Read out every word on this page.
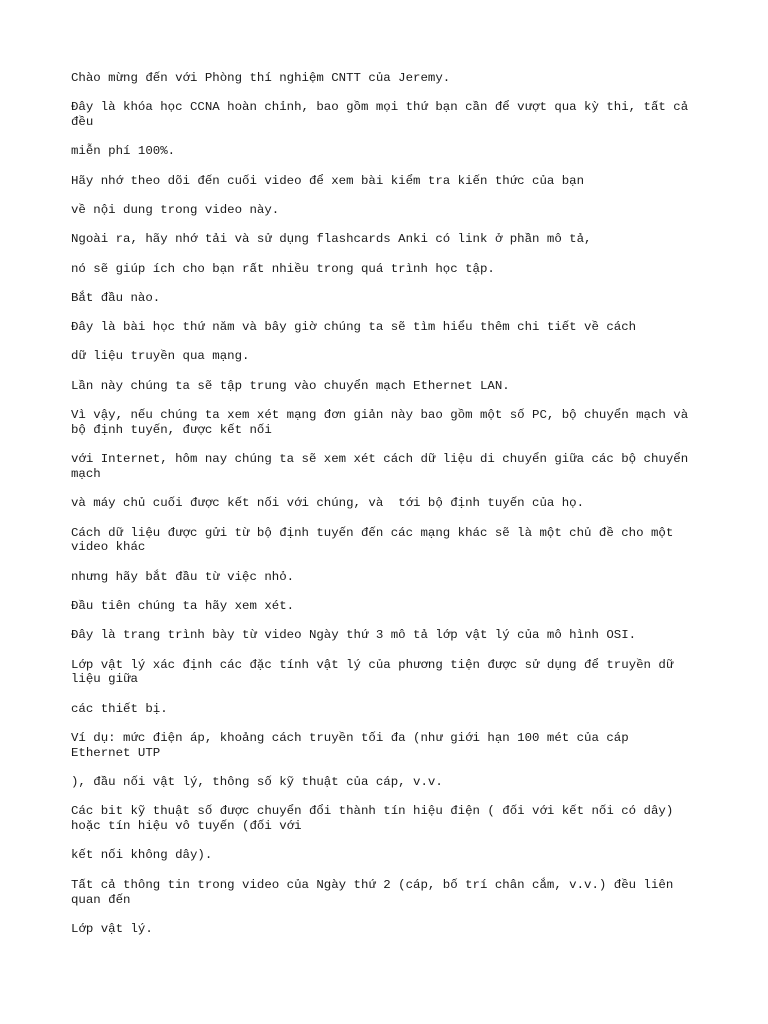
Chào mừng đến với Phòng thí nghiệm CNTT của Jeremy.

Đây là khóa học CCNA hoàn chỉnh, bao gồm mọi thứ bạn cần để vượt qua kỳ thi, tất cả
đều

miễn phí 100%.

Hãy nhớ theo dõi đến cuối video để xem bài kiểm tra kiến thức của bạn

về nội dung trong video này.

Ngoài ra, hãy nhớ tải và sử dụng flashcards Anki có link ở phần mô tả,

nó sẽ giúp ích cho bạn rất nhiều trong quá trình học tập.

Bắt đầu nào.

Đây là bài học thứ năm và bây giờ chúng ta sẽ tìm hiểu thêm chi tiết về cách

dữ liệu truyền qua mạng.

Lần này chúng ta sẽ tập trung vào chuyển mạch Ethernet LAN.

Vì vậy, nếu chúng ta xem xét mạng đơn giản này bao gồm một số PC, bộ chuyển mạch và
bộ định tuyến, được kết nối

với Internet, hôm nay chúng ta sẽ xem xét cách dữ liệu di chuyển giữa các bộ chuyển
mạch

và máy chủ cuối được kết nối với chúng, và  tới bộ định tuyến của họ.

Cách dữ liệu được gửi từ bộ định tuyến đến các mạng khác sẽ là một chủ đề cho một
video khác

nhưng hãy bắt đầu từ việc nhỏ.

Đầu tiên chúng ta hãy xem xét.

Đây là trang trình bày từ video Ngày thứ 3 mô tả lớp vật lý của mô hình OSI.

Lớp vật lý xác định các đặc tính vật lý của phương tiện được sử dụng để truyền dữ
liệu giữa

các thiết bị.

Ví dụ: mức điện áp, khoảng cách truyền tối đa (như giới hạn 100 mét của cáp
Ethernet UTP

), đầu nối vật lý, thông số kỹ thuật của cáp, v.v.

Các bit kỹ thuật số được chuyển đổi thành tín hiệu điện ( đối với kết nối có dây)
hoặc tín hiệu vô tuyến (đối với

kết nối không dây).

Tất cả thông tin trong video của Ngày thứ 2 (cáp, bố trí chân cắm, v.v.) đều liên
quan đến

Lớp vật lý.
